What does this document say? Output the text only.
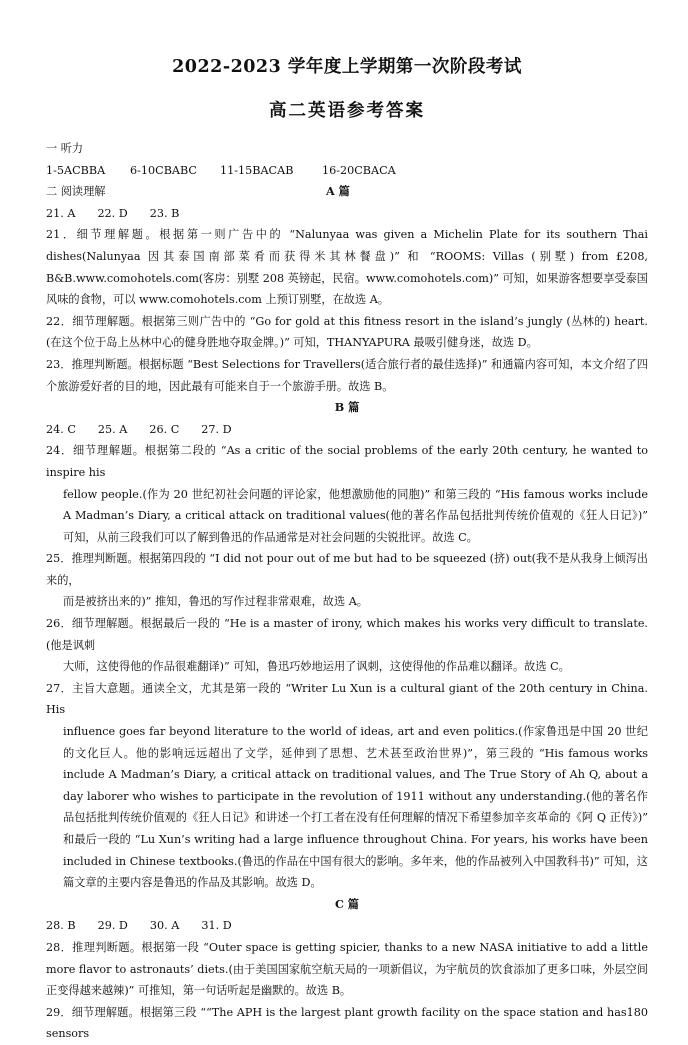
2022-2023 学年度上学期第一次阶段考试
高二英语参考答案
一 听力
1-5ACBBA	6-10CBABC	11-15BACAB	16-20CBACA
二 阅读理解	A 篇
21. A 22. D 23. B
21．细节理解题。根据第一则广告中的 “Nalunyaa was given a Michelin Plate for its southern Thai dishes(Nalunyaa 因其泰国南部菜肴而获得米其林餐盘)” 和 “ROOMS: Villas (别墅) from £208, B&B.www.comohotels.com(客房：别墅 208 英镑起，民宿。www.comohotels.com)” 可知，如果游客想要享受泰国风味的食物，可以 www.comohotels.com 上预订别墅，在故选 A。
22．细节理解题。根据第三则广告中的 “Go for gold at this fitness resort in the island’s jungly (丛林的) heart.(在这个位于岛上丛林中心的健身胜地夺取金牌。)” 可知，THANYAPURA 最吸引健身迷，故选 D。
23．推理判断题。根据标题 “Best Selections for Travellers(适合旅行者的最佳选择)” 和通篇内容可知，本文介绍了四个旅游爱好者的目的地，因此最有可能来自于一个旅游手册。故选 B。
B 篇
24. C 25. A 26. C 27. D
24．细节理解题。根据第二段的 “As a critic of the social problems of the early 20th century, he wanted to inspire his
fellow people.(作为 20 世纪初社会问题的评论家，他想激励他的同胞)” 和第三段的 “His famous works include A Madman’s Diary, a critical attack on traditional values(他的著名作品包括批判传统价值观的《狂人日记》)” 可知，从前三段我们可以了解到鲁迅的作品通常是对社会问题的尖锐批评。故选 C。
25．推理判断题。根据第四段的 “I did not pour out of me but had to be squeezed (挤) out(我不是从我身上倾泻出来的，
而是被挤出来的)” 推知，鲁迅的写作过程非常艰难，故选 A。
26．细节理解题。根据最后一段的 “He is a master of irony, which makes his works very difficult to translate.(他是讽刺
大师，这使得他的作品很难翻译)” 可知，鲁迅巧妙地运用了讽刺，这使得他的作品难以翻译。故选 C。
27．主旨大意题。通读全文，尤其是第一段的 “Writer Lu Xun is a cultural giant of the 20th century in China. His
influence goes far beyond literature to the world of ideas, art and even politics.(作家鲁迅是中国 20 世纪的文化巨人。他的影响远远超出了文学，延伸到了思想、艺术甚至政治世界)”，第三段的 “His famous works include A Madman’s Diary, a critical attack on traditional values, and The True Story of Ah Q, about a day laborer who wishes to participate in the revolution of 1911 without any understanding.(他的著名作品包括批判传统价值观的《狂人日记》和讲述一个打工者在没有任何理解的情况下希望参加辛亥革命的《阿 Q 正传》)” 和最后一段的 “Lu Xun’s writing had a large influence throughout China. For years, his works have been included in Chinese textbooks.(鲁迅的作品在中国有很大的影响。多年来，他的作品被列入中国教科书)” 可知，这篇文章的主要内容是鲁迅的作品及其影响。故选 D。
C 篇
28. B 29. D 30. A 31. D
28．推理判断题。根据第一段 “Outer space is getting spicier, thanks to a new NASA initiative to add a little more flavor to astronauts’ diets.(由于美国国家航空航天局的一项新倡议，为宇航员的饮食添加了更多口味，外层空间正变得越来越辣)” 可推知，第一句话听起是幽默的。故选 B。
29．细节理解题。根据第三段 ““The APH is the largest plant growth facility on the space station and has180 sensors
